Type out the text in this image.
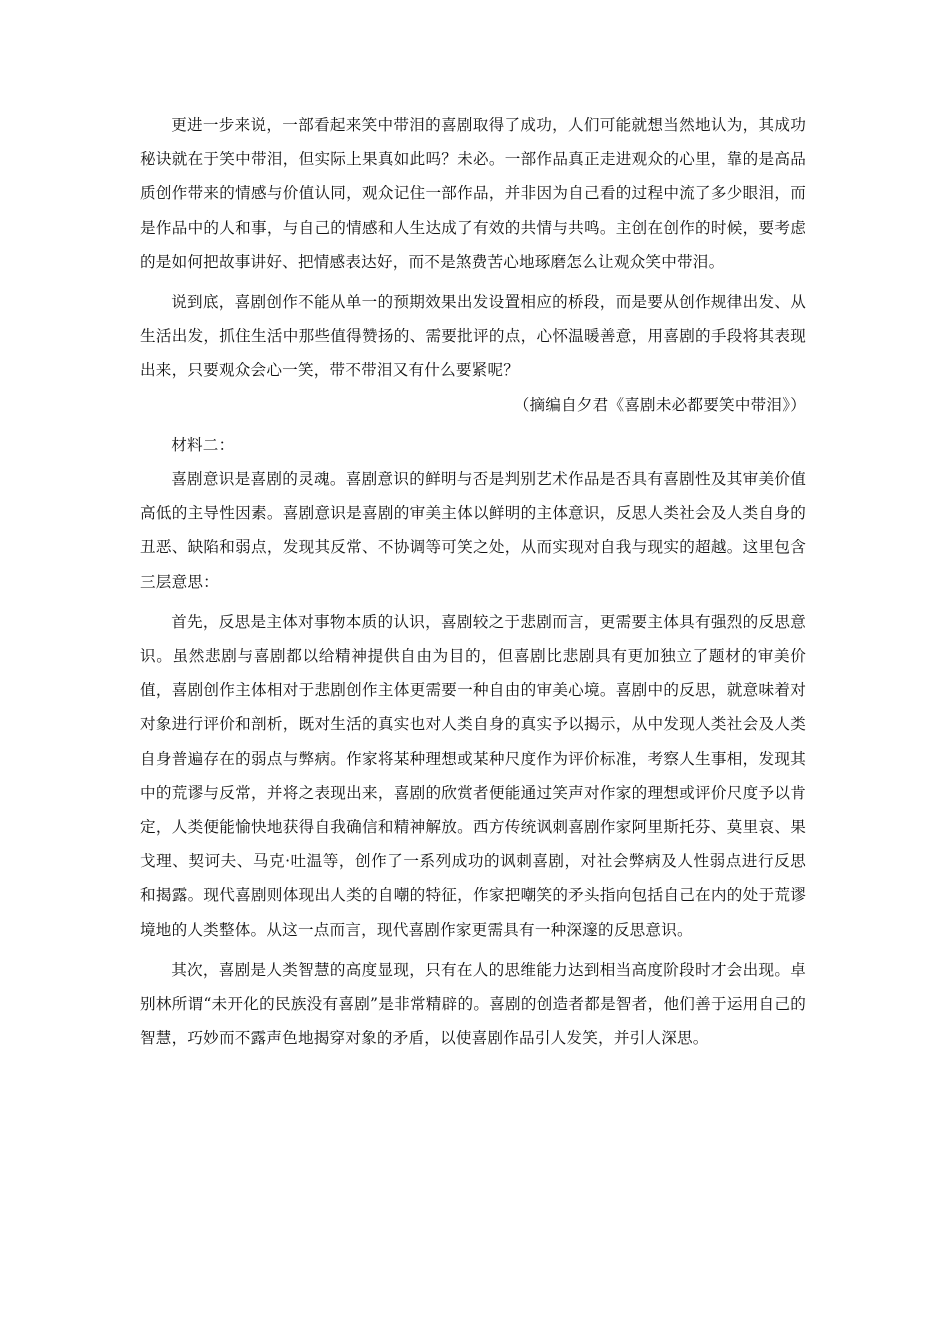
更进一步来说，一部看起来笑中带泪的喜剧取得了成功，人们可能就想当然地认为，其成功秘诀就在于笑中带泪，但实际上果真如此吗？未必。一部作品真正走进观众的心里，靠的是高品质创作带来的情感与价值认同，观众记住一部作品，并非因为自己看的过程中流了多少眼泪，而是作品中的人和事，与自己的情感和人生达成了有效的共情与共鸣。主创在创作的时候，要考虑的是如何把故事讲好、把情感表达好，而不是煞费苦心地琢磨怎么让观众笑中带泪。

说到底，喜剧创作不能从单一的预期效果出发设置相应的桥段，而是要从创作规律出发、从生活出发，抓住生活中那些值得赞扬的、需要批评的点，心怀温暖善意，用喜剧的手段将其表现出来，只要观众会心一笑，带不带泪又有什么要紧呢？

（摘编自夕君《喜剧未必都要笑中带泪》）

材料二：

喜剧意识是喜剧的灵魂。喜剧意识的鲜明与否是判别艺术作品是否具有喜剧性及其审美价值高低的主导性因素。喜剧意识是喜剧的审美主体以鲜明的主体意识，反思人类社会及人类自身的丑恶、缺陷和弱点，发现其反常、不协调等可笑之处，从而实现对自我与现实的超越。这里包含三层意思：

首先，反思是主体对事物本质的认识，喜剧较之于悲剧而言，更需要主体具有强烈的反思意识。虽然悲剧与喜剧都以给精神提供自由为目的，但喜剧比悲剧具有更加独立了题材的审美价值，喜剧创作主体相对于悲剧创作主体更需要一种自由的审美心境。喜剧中的反思，就意味着对对象进行评价和剖析，既对生活的真实也对人类自身的真实予以揭示，从中发现人类社会及人类自身普遍存在的弱点与弊病。作家将某种理想或某种尺度作为评价标准，考察人生事相，发现其中的荒谬与反常，并将之表现出来，喜剧的欣赏者便能通过笑声对作家的理想或评价尺度予以肯定，人类便能愉快地获得自我确信和精神解放。西方传统讽刺喜剧作家阿里斯托芬、莫里哀、果戈理、契诃夫、马克·吐温等，创作了一系列成功的讽刺喜剧，对社会弊病及人性弱点进行反思和揭露。现代喜剧则体现出人类的自嘲的特征，作家把嘲笑的矛头指向包括自己在内的处于荒谬境地的人类整体。从这一点而言，现代喜剧作家更需具有一种深邃的反思意识。

其次，喜剧是人类智慧的高度显现，只有在人的思维能力达到相当高度阶段时才会出现。卓别林所谓“未开化的民族没有喜剧”是非常精辟的。喜剧的创造者都是智者，他们善于运用自己的智慧，巧妙而不露声色地揭穿对象的矛盾，以使喜剧作品引人发笑，并引人深思。
